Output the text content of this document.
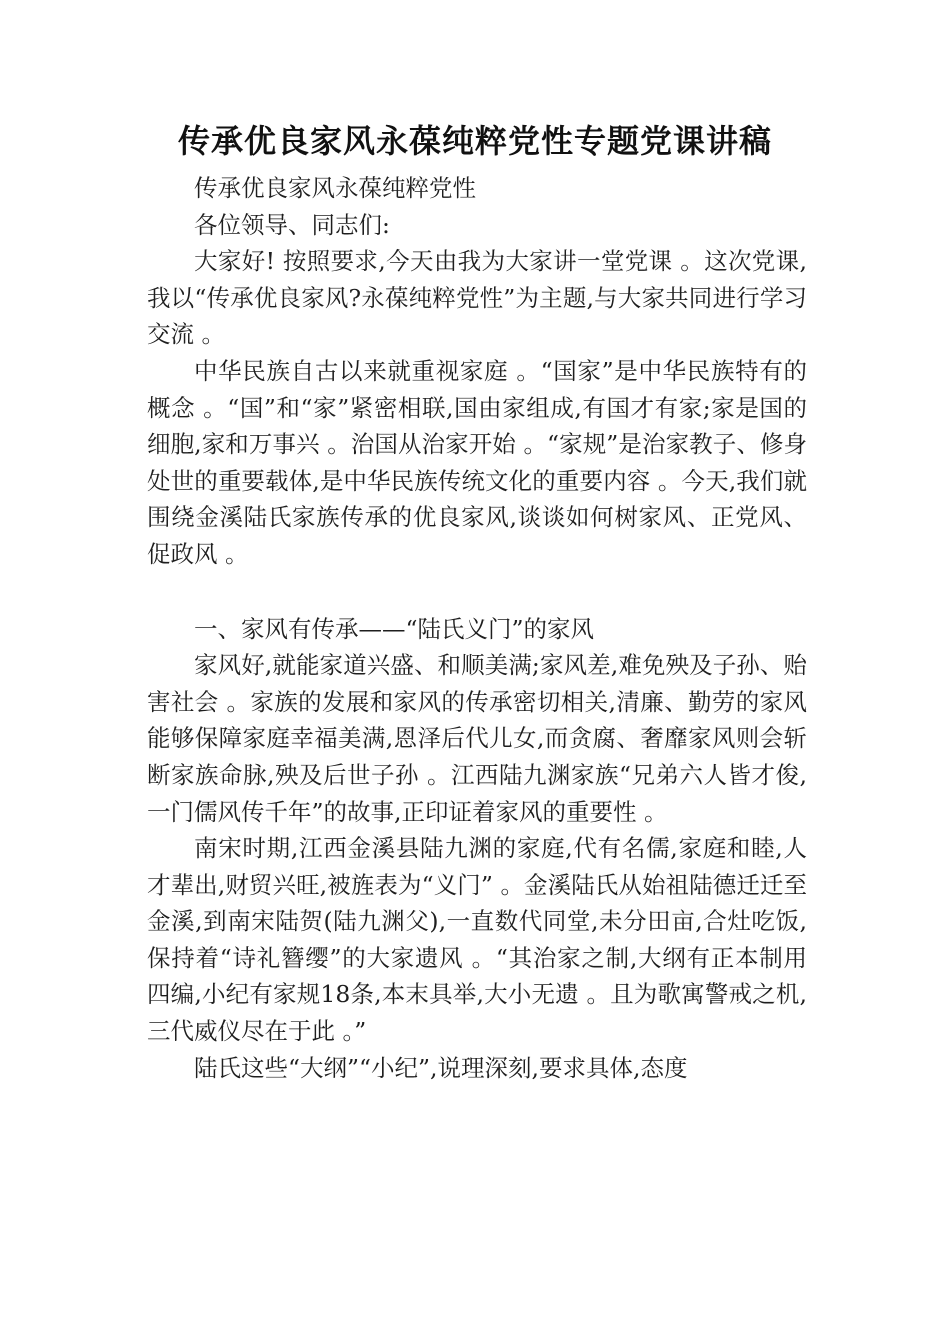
传承优良家风永葆纯粹党性专题党课讲稿

传承优良家风永葆纯粹党性

各位领导、同志们:

大家好! 按照要求,今天由我为大家讲一堂党课 。这次党课,我以“传承优良家风?永葆纯粹党性”为主题,与大家共同进行学习交流 。

中华民族自古以来就重视家庭 。“国家”是中华民族特有的概念 。“国”和“家”紧密相联,国由家组成,有国才有家;家是国的细胞,家和万事兴 。治国从治家开始 。“家规”是治家教子、修身处世的重要载体,是中华民族传统文化的重要内容 。今天,我们就围绕金溪陆氏家族传承的优良家风,谈谈如何树家风、正党风、促政风 。

一、家风有传承——“陆氏义门”的家风

家风好,就能家道兴盛、和顺美满;家风差,难免殃及子孙、贻害社会 。家族的发展和家风的传承密切相关,清廉、勤劳的家风能够保障家庭幸福美满,恩泽后代儿女,而贪腐、奢靡家风则会斩断家族命脉,殃及后世子孙 。江西陆九渊家族“兄弟六人皆才俊,一门儒风传千年”的故事,正印证着家风的重要性 。

南宋时期,江西金溪县陆九渊的家庭,代有名儒,家庭和睦,人才辈出,财贸兴旺,被旌表为“义门” 。金溪陆氏从始祖陆德迁迁至金溪,到南宋陆贺(陆九渊父),一直数代同堂,未分田亩,合灶吃饭,保持着“诗礼簪缨”的大家遗风 。“其治家之制,大纲有正本制用四编,小纪有家规18条,本末具举,大小无遗 。且为歌寓警戒之机,三代威仪尽在于此 。”

陆氏这些“大纲”“小纪”,说理深刻,要求具体,态度
